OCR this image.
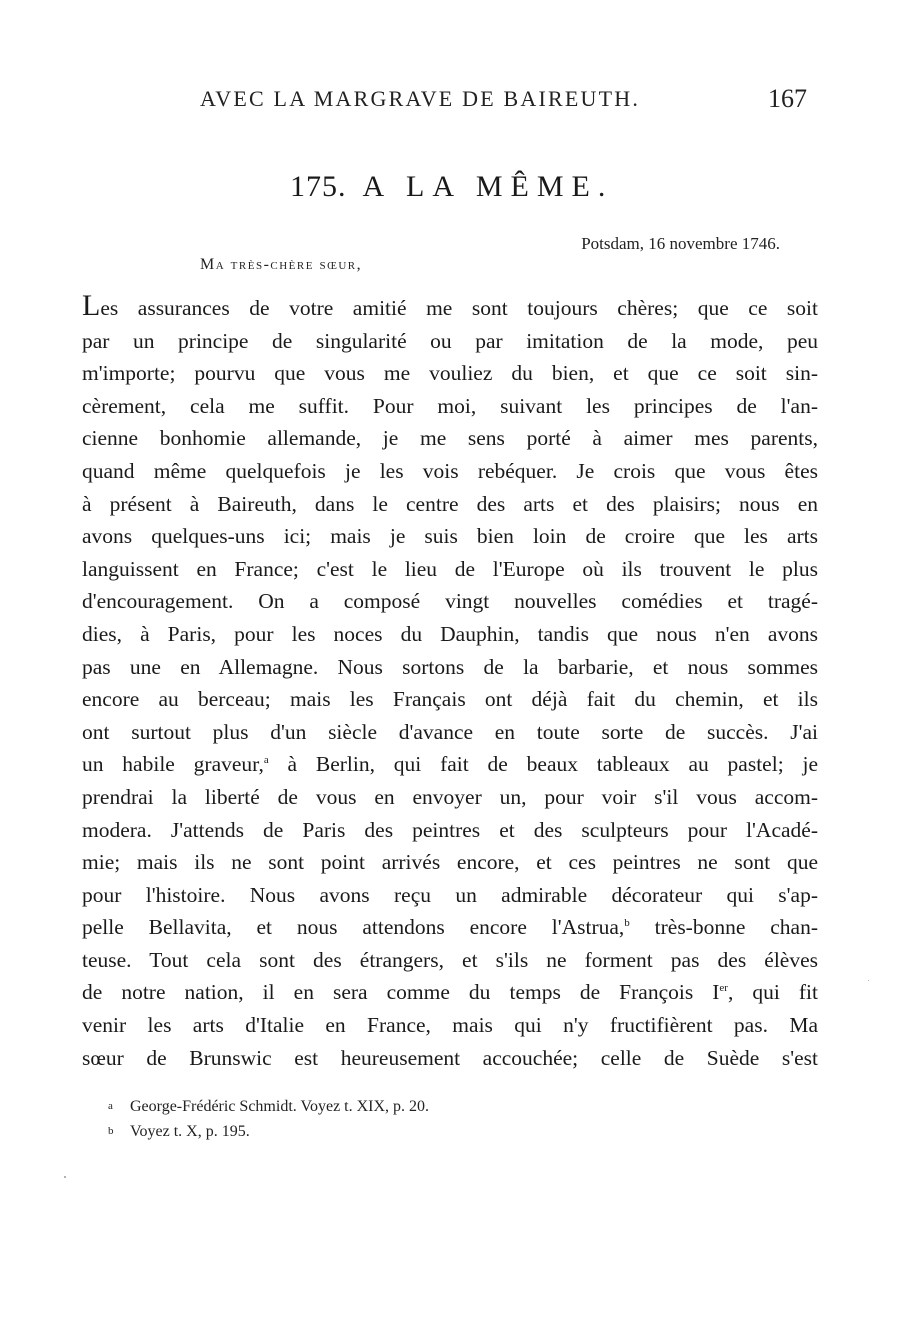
AVEC LA MARGRAVE DE BAIREUTH.	167
175. A LA MÊME.
Potsdam, 16 novembre 1746.
Ma très-chère sœur,
Les assurances de votre amitié me sont toujours chères; que ce soit
par un principe de singularité ou par imitation de la mode, peu
m'importe; pourvu que vous me vouliez du bien, et que ce soit sin-
cèrement, cela me suffit. Pour moi, suivant les principes de l'an-
cienne bonhomie allemande, je me sens porté à aimer mes parents,
quand même quelquefois je les vois rebéquer. Je crois que vous êtes
à présent à Baireuth, dans le centre des arts et des plaisirs; nous en
avons quelques-uns ici; mais je suis bien loin de croire que les arts
languissent en France; c'est le lieu de l'Europe où ils trouvent le plus
d'encouragement. On a composé vingt nouvelles comédies et tragé-
dies, à Paris, pour les noces du Dauphin, tandis que nous n'en avons
pas une en Allemagne. Nous sortons de la barbarie, et nous sommes
encore au berceau; mais les Français ont déjà fait du chemin, et ils
ont surtout plus d'un siècle d'avance en toute sorte de succès. J'ai
un habile graveur,$^a$ à Berlin, qui fait de beaux tableaux au pastel; je
prendrai la liberté de vous en envoyer un, pour voir s'il vous accom-
modera. J'attends de Paris des peintres et des sculpteurs pour l'Acadé-
mie; mais ils ne sont point arrivés encore, et ces peintres ne sont que
pour l'histoire. Nous avons reçu un admirable décorateur qui s'ap-
pelle Bellavita, et nous attendons encore l'Astrua,$^b$ très-bonne chan-
teuse. Tout cela sont des étrangers, et s'ils ne forment pas des élèves
de notre nation, il en sera comme du temps de François Ier, qui fit
venir les arts d'Italie en France, mais qui n'y fructifièrent pas. Ma
sœur de Brunswic est heureusement accouchée; celle de Suède s'est
a George-Frédéric Schmidt. Voyez t. XIX, p. 20.
b Voyez t. X, p. 195.
